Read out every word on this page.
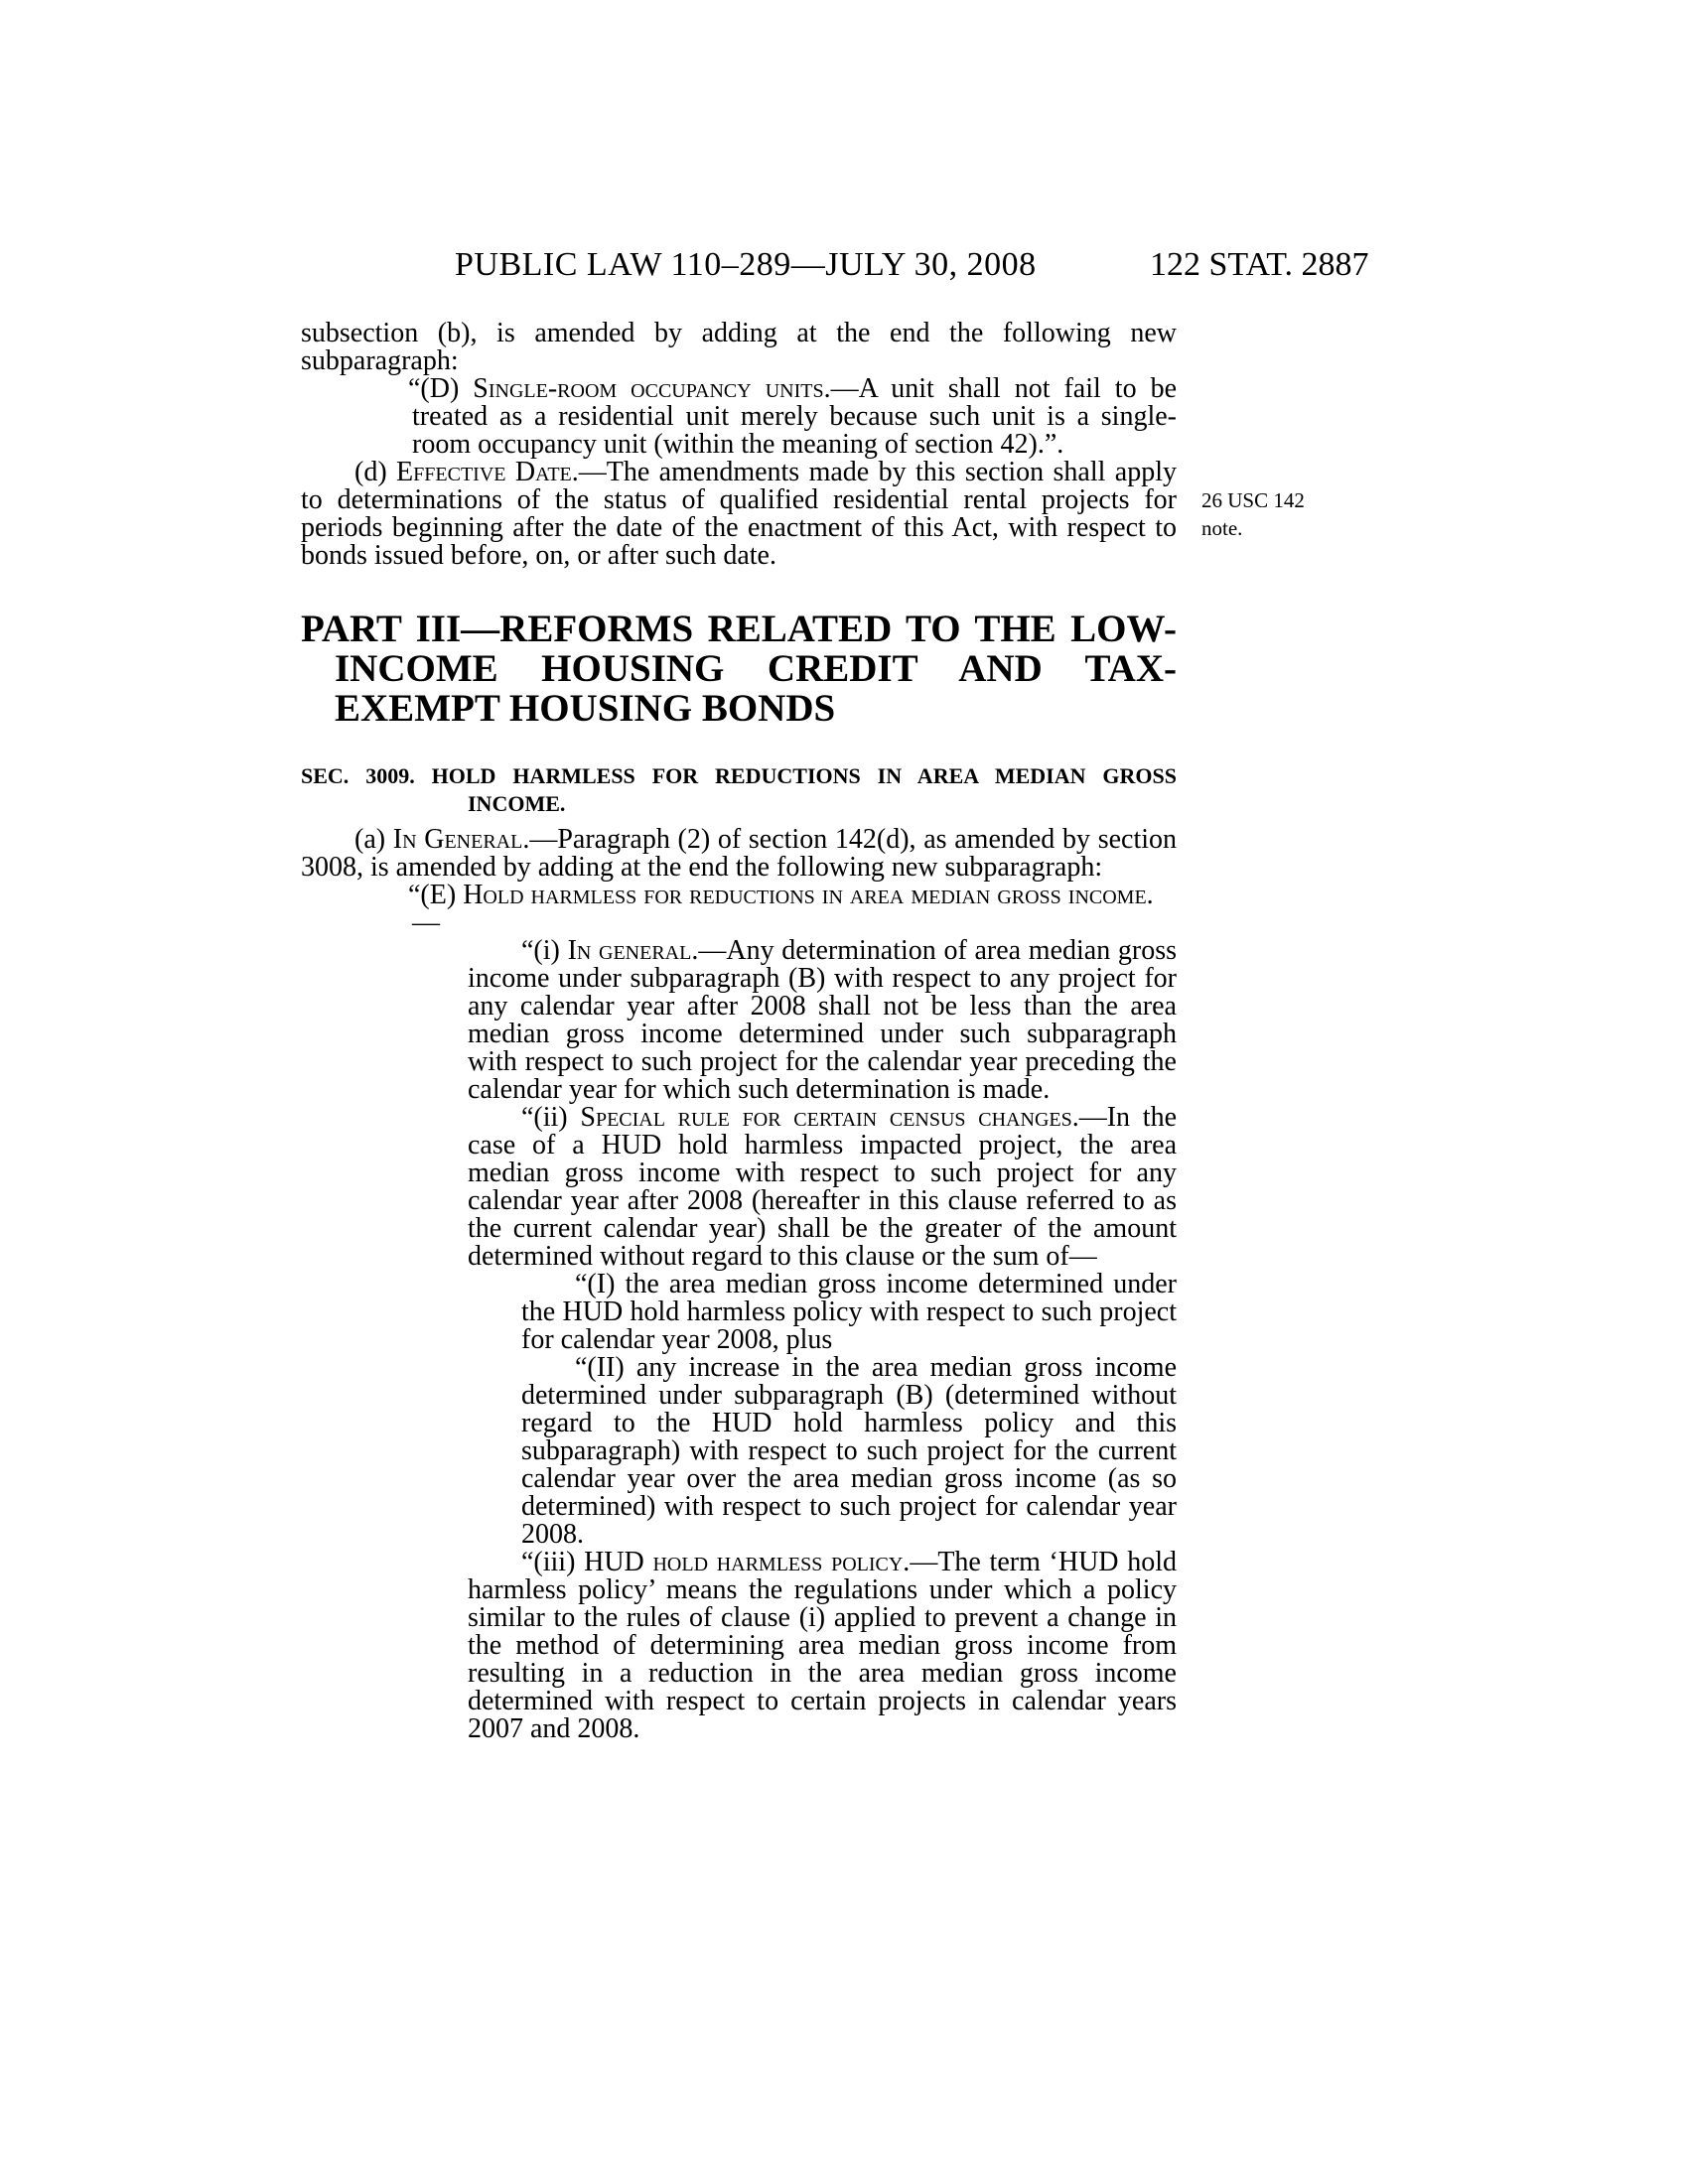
PUBLIC LAW 110–289—JULY 30, 2008	122 STAT. 2887
26 USC 142
note.

subsection (b), is amended by adding at the end the following new subparagraph:

“(D) Single-room occupancy units.—A unit shall not fail to be treated as a residential unit merely because such unit is a single-room occupancy unit (within the meaning of section 42).”.

(d) Effective Date.—The amendments made by this section shall apply to determinations of the status of qualified residential rental projects for periods beginning after the date of the enactment of this Act, with respect to bonds issued before, on, or after such date.

PART III—REFORMS RELATED TO THE LOW-INCOME HOUSING CREDIT AND TAX-EXEMPT HOUSING BONDS

SEC. 3009. HOLD HARMLESS FOR REDUCTIONS IN AREA MEDIAN GROSS INCOME.

(a) In General.—Paragraph (2) of section 142(d), as amended by section 3008, is amended by adding at the end the following new subparagraph:

“(E) Hold harmless for reductions in area median gross income.—

“(i) In general.—Any determination of area median gross income under subparagraph (B) with respect to any project for any calendar year after 2008 shall not be less than the area median gross income determined under such subparagraph with respect to such project for the calendar year preceding the calendar year for which such determination is made.

“(ii) Special rule for certain census changes.—In the case of a HUD hold harmless impacted project, the area median gross income with respect to such project for any calendar year after 2008 (hereafter in this clause referred to as the current calendar year) shall be the greater of the amount determined without regard to this clause or the sum of—

“(I) the area median gross income determined under the HUD hold harmless policy with respect to such project for calendar year 2008, plus

“(II) any increase in the area median gross income determined under subparagraph (B) (determined without regard to the HUD hold harmless policy and this subparagraph) with respect to such project for the current calendar year over the area median gross income (as so determined) with respect to such project for calendar year 2008.

“(iii) HUD hold harmless policy.—The term ‘HUD hold harmless policy’ means the regulations under which a policy similar to the rules of clause (i) applied to prevent a change in the method of determining area median gross income from resulting in a reduction in the area median gross income determined with respect to certain projects in calendar years 2007 and 2008.
